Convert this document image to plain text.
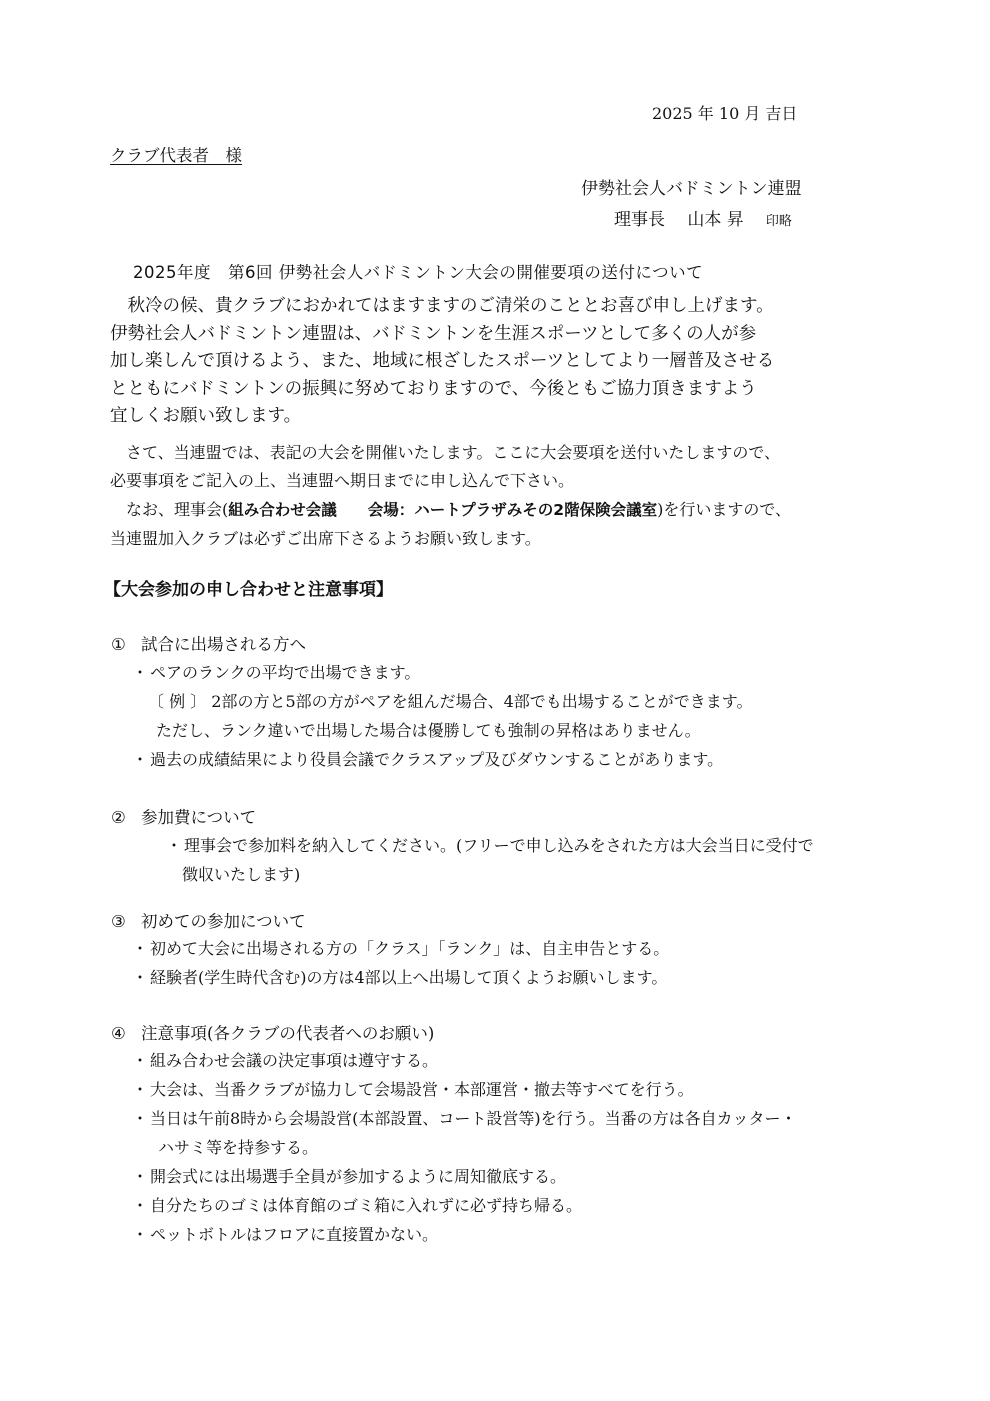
2025 年 10 月 吉日
クラブ代表者　様
伊勢社会人バドミントン連盟
理事長　 山本 昇 印略
2025年度　第6回 伊勢社会人バドミントン大会の開催要項の送付について

　秋冷の候、貴クラブにおかれてはますますのご清栄のこととお喜び申し上げます。

伊勢社会人バドミントン連盟は、バドミントンを生涯スポーツとして多くの人が参

加し楽しんで頂けるよう、また、地域に根ざしたスポーツとしてより一層普及させる

とともにバドミントンの振興に努めておりますので、今後ともご協力頂きますよう

宜しくお願い致します。

　さて、当連盟では、表記の大会を開催いたします。ここに大会要項を送付いたしますので、

必要事項をご記入の上、当連盟へ期日までに申し込んで下さい。

　なお、理事会(組み合わせ会議　　会場：ハートプラザみその2階保険会議室)を行いますので、

当連盟加入クラブは必ずご出席下さるようお願い致します。

【大会参加の申し合わせと注意事項】
① 試合に出場される方へ
・ ペアのランクの平均で出場できます。
〔 例 〕 2部の方と5部の方がペアを組んだ場合、4部でも出場することができます。
ただし、ランク違いで出場した場合は優勝しても強制の昇格はありません。
・ 過去の成績結果により役員会議でクラスアップ及びダウンすることがあります。
② 参加費について
・ 理事会で参加料を納入してください。(フリーで申し込みをされた方は大会当日に受付で
徴収いたします)
③ 初めての参加について
・ 初めて大会に出場される方の「クラス」「ランク」は、自主申告とする。
・ 経験者(学生時代含む)の方は4部以上へ出場して頂くようお願いします。
④ 注意事項(各クラブの代表者へのお願い)
・ 組み合わせ会議の決定事項は遵守する。
・ 大会は、当番クラブが協力して会場設営・本部運営・撤去等すべてを行う。
・ 当日は午前8時から会場設営(本部設置、コート設営等)を行う。当番の方は各自カッター・
ハサミ等を持参する。
・ 開会式には出場選手全員が参加するように周知徹底する。
・ 自分たちのゴミは体育館のゴミ箱に入れずに必ず持ち帰る。
・ ペットボトルはフロアに直接置かない。
